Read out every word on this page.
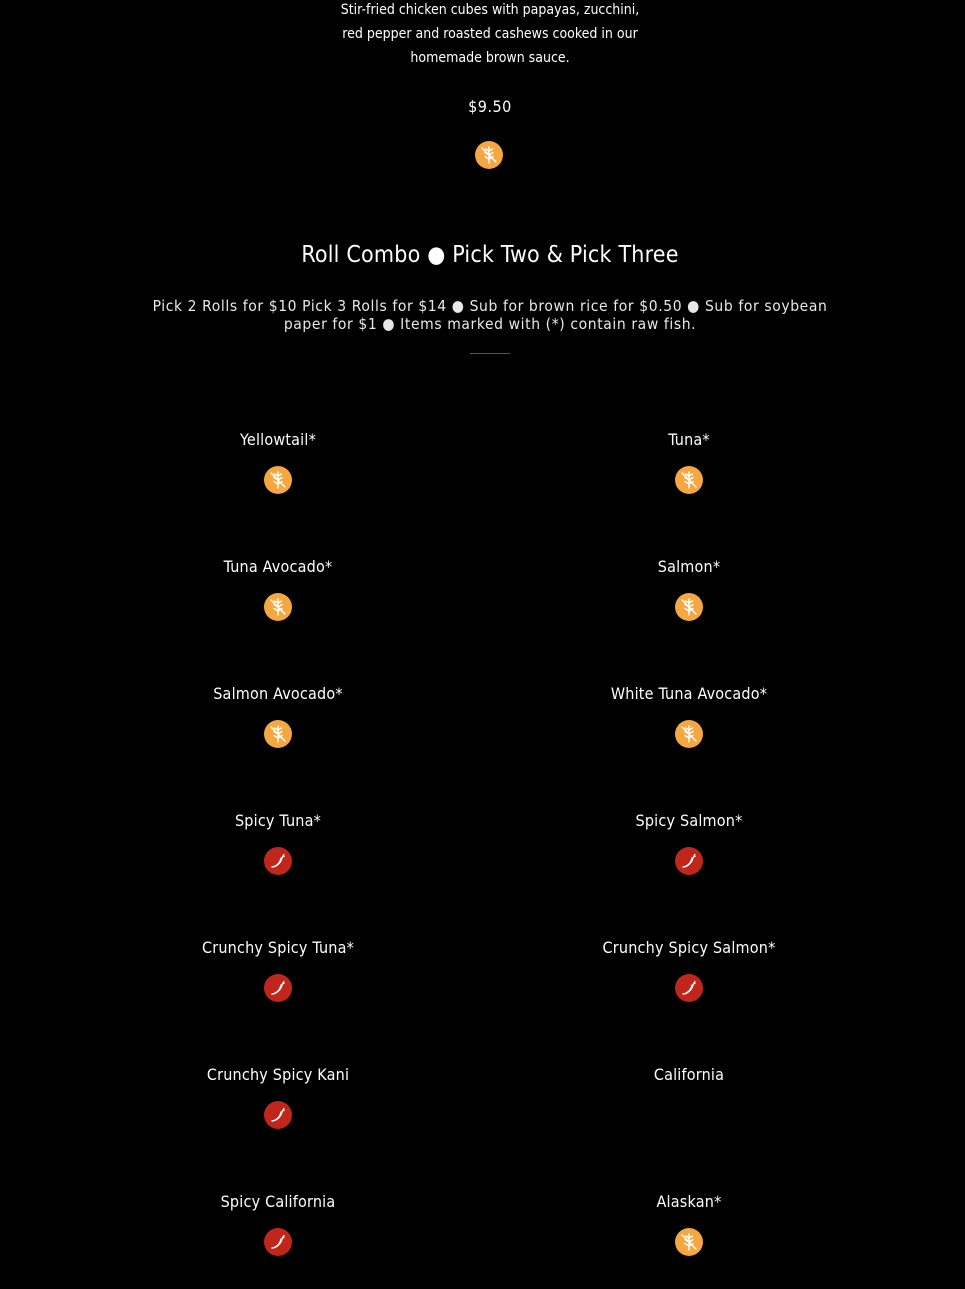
Stir-fried chicken cubes with papayas, zucchini, red pepper and roasted cashews cooked in our homemade brown sauce.
$9.50
Roll Combo ● Pick Two & Pick Three
Pick 2 Rolls for $10 Pick 3 Rolls for $14 ● Sub for brown rice for $0.50 ● Sub for soybean paper for $1 ● Items marked with (*) contain raw fish.
Yellowtail*	Tuna*
Tuna Avocado*	Salmon*
Salmon Avocado*	White Tuna Avocado*
Spicy Tuna*	Spicy Salmon*
Crunchy Spicy Tuna*	Crunchy Spicy Salmon*
Crunchy Spicy Kani	California
Spicy California	Alaskan*
